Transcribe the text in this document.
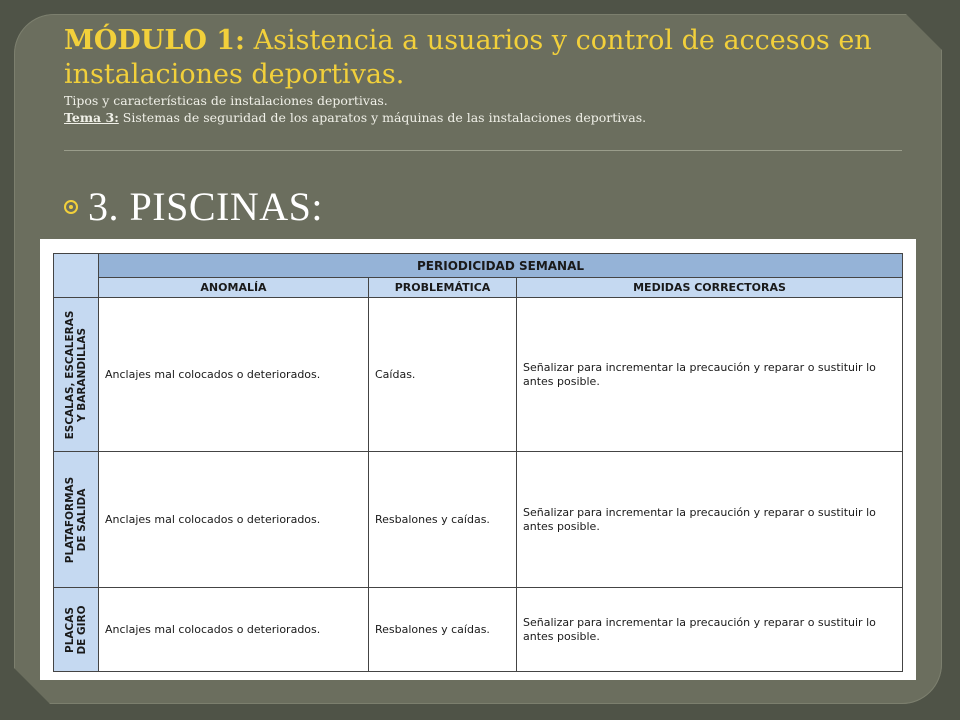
MÓDULO 1: Asistencia a usuarios y control de accesos en instalaciones deportivas.

Tipos y características de instalaciones deportivas.

Tema 3: Sistemas de seguridad de los aparatos y máquinas de las instalaciones deportivas.

3. PISCINAS:
	PERIODICIDAD SEMANAL		
	ANOMALÍA	PROBLEMÁTICA	MEDIDAS CORRECTORAS

ESCALAS, ESCALERAS Y BARANDILLAS	Anclajes mal colocados o deteriorados.	Caídas.	Señalizar para incrementar la precaución y reparar o sustituir lo antes posible.

PLATAFORMAS DE SALIDA	Anclajes mal colocados o deteriorados.	Resbalones y caídas.	Señalizar para incrementar la precaución y reparar o sustituir lo antes posible.

PLACAS DE GIRO	Anclajes mal colocados o deteriorados.	Resbalones y caídas.	Señalizar para incrementar la precaución y reparar o sustituir lo antes posible.
